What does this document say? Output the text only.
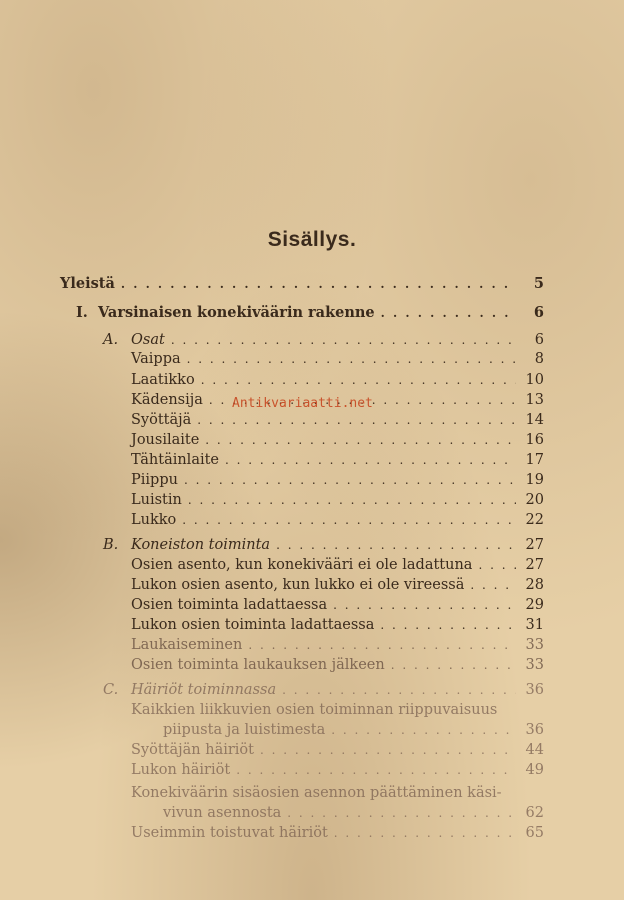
Sisällys.
Yleistä . . .	5
I. Varsinaisen konekiväärin rakenne . . .	6
A. Osat . . .	6
Vaippa . . .	8
Laatikko . . .	10
Kädensija . . .	13
Syöttäjä . . .	14
Jousilaite . . .	16
Tähtäinlaite . . .	17
Piippu . . .	19
Luistin . . .	20
Lukko . . .	22
B. Koneiston toiminta . . .	27
Osien asento, kun konekivääri ei ole ladattuna . . .	27
Lukon osien asento, kun lukko ei ole vireessä . . .	28
Osien toiminta ladattaessa . . .	29
Lukon osien toiminta ladattaessa . . .	31
Laukaiseminen . . .	33
Osien toiminta laukauksen jälkeen . . .	33
C. Häiriöt toiminnassa . . .	36
Kaikkien liikkuvien osien toiminnan riippuvaisuus
piipusta ja luistimesta . . .	36
Syöttäjän häiriöt . . .	44
Lukon häiriöt . . .	49
Konekiväärin sisäosien asennon päättäminen käsi-
vivun asennosta . . .	62
Useimmin toistuvat häiriöt . . .	65
Antikvariaatti.net
